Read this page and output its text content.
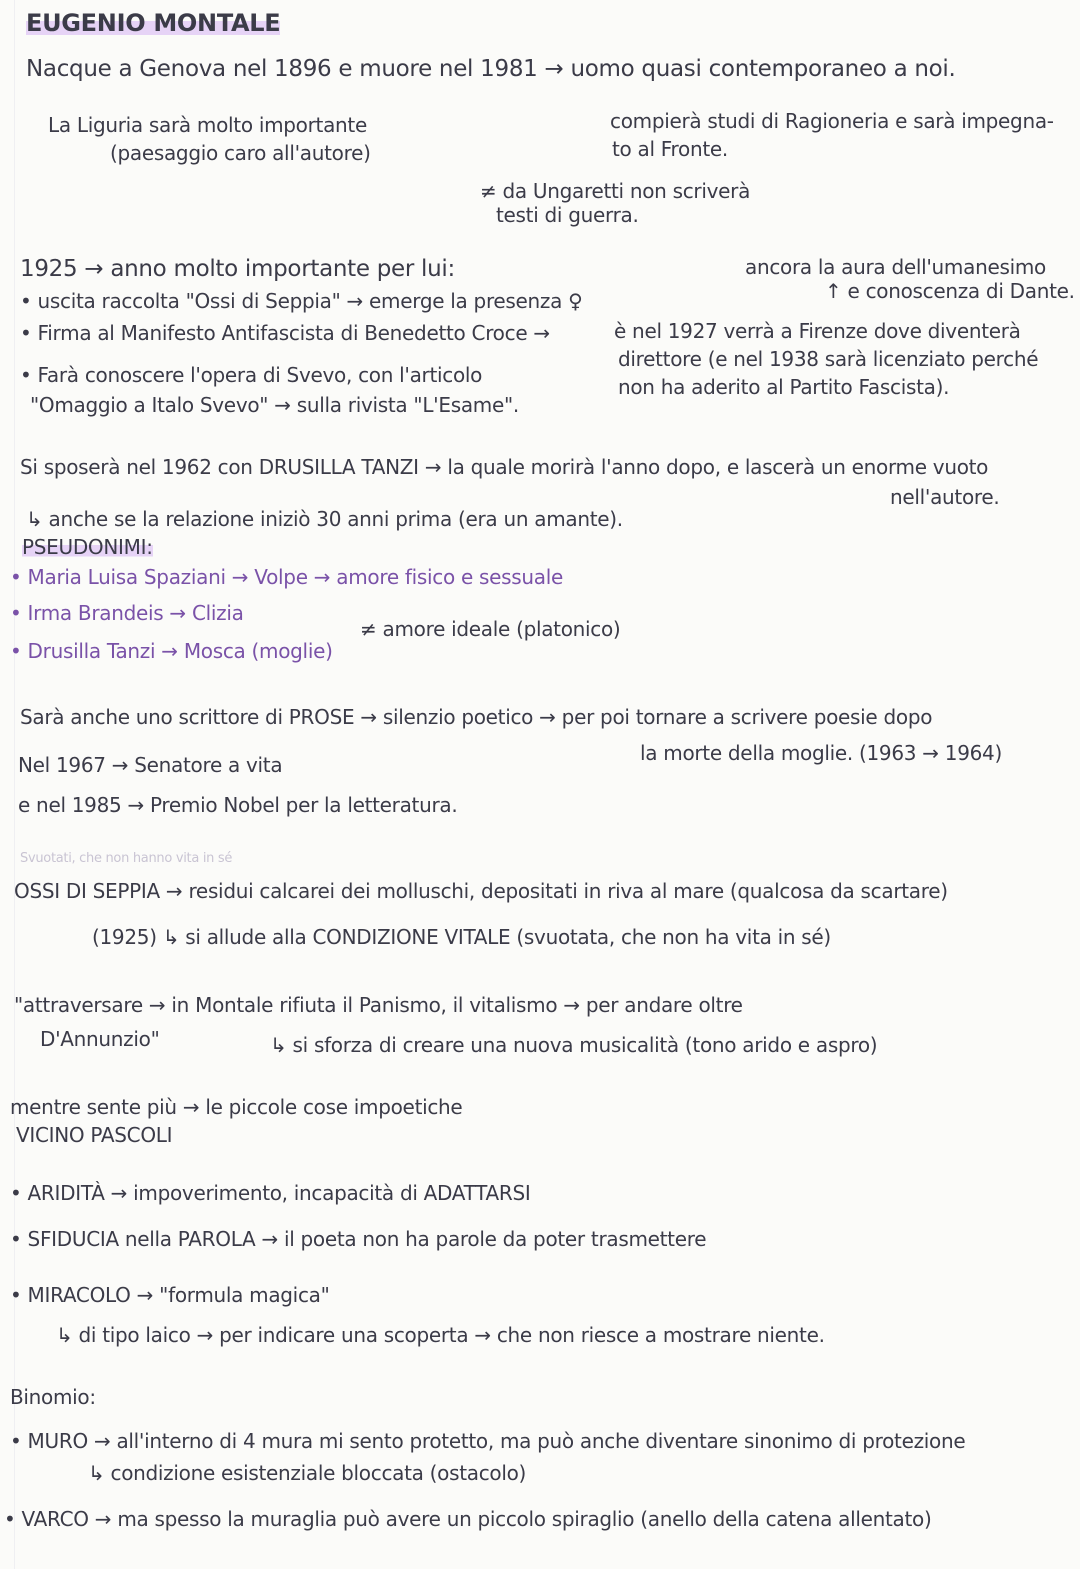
EUGENIO MONTALE
Nacque a Genova nel 1896 e muore nel 1981 → uomo quasi contemporaneo a noi.
La Liguria sarà molto importante
(paesaggio caro all'autore)
compierà studi di Ragioneria e sarà impegna-
to al Fronte.
≠ da Ungaretti non scriverà
testi di guerra.
1925 → anno molto importante per lui:	ancora la aura dell'umanesimo
↑ e conoscenza di Dante.
• uscita raccolta "Ossi di Seppia" → emerge la presenza ♀
• Firma al Manifesto Antifascista di Benedetto Croce →	è nel 1927 verrà a Firenze dove diventerà
direttore (e nel 1938 sarà licenziato perché
non ha aderito al Partito Fascista).
• Farà conoscere l'opera di Svevo, con l'articolo
"Omaggio a Italo Svevo" → sulla rivista "L'Esame".
Si sposerà nel 1962 con DRUSILLA TANZI → la quale morirà l'anno dopo, e lascerà un enorme vuoto
nell'autore.
↳ anche se la relazione iniziò 30 anni prima (era un amante).
PSEUDONIMI:
• Maria Luisa Spaziani → Volpe → amore fisico e sessuale
• Irma Brandeis → Clizia
≠ amore ideale (platonico)
• Drusilla Tanzi → Mosca (moglie)
Sarà anche uno scrittore di PROSE → silenzio poetico → per poi tornare a scrivere poesie dopo
la morte della moglie. (1963 → 1964)
Nel 1967 → Senatore a vita
e nel 1985 → Premio Nobel per la letteratura.
Svuotati, che non hanno vita in sé
OSSI DI SEPPIA → residui calcarei dei molluschi, depositati in riva al mare (qualcosa da scartare)
(1925) ↳ si allude alla CONDIZIONE VITALE (svuotata, che non ha vita in sé)
"attraversare → in Montale rifiuta il Panismo, il vitalismo → per andare oltre
D'Annunzio"	↳ si sforza di creare una nuova musicalità (tono arido e aspro)
mentre sente più → le piccole cose impoetiche
VICINO PASCOLI
• ARIDITÀ → impoverimento, incapacità di ADATTARSI
• SFIDUCIA nella PAROLA → il poeta non ha parole da poter trasmettere
• MIRACOLO → "formula magica"
↳ di tipo laico → per indicare una scoperta → che non riesce a mostrare niente.
Binomio:
• MURO → all'interno di 4 mura mi sento protetto, ma può anche diventare sinonimo di protezione
↳ condizione esistenziale bloccata (ostacolo)
• VARCO → ma spesso la muraglia può avere un piccolo spiraglio (anello della catena allentato)
